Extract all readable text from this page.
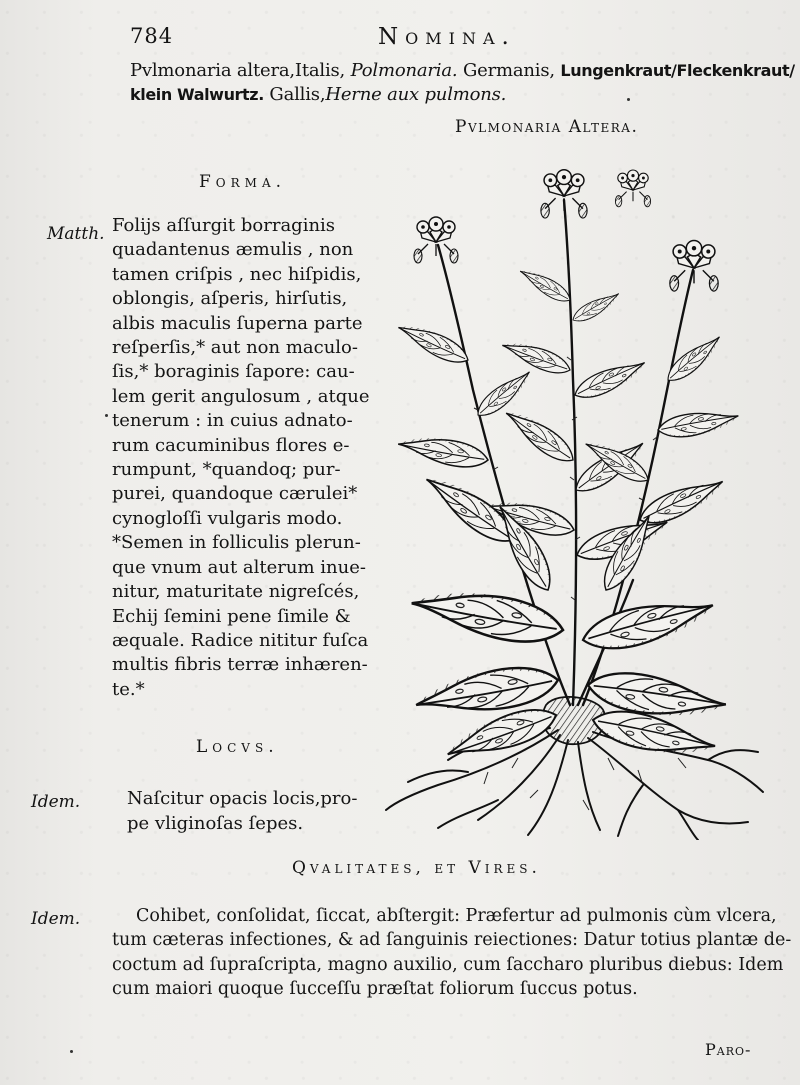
784	Nomina.
Pvlmonaria altera,Italis, Polmonaria. Germanis, Lungenkraut/Fleckenkraut/
klein Walwurtz. Gallis,Herne aux pulmons.
Pvlmonaria Altera.
Forma.
Matth. Folijs aſſurgit borraginis
quadantenus æmulis , non
tamen criſpis , nec hiſpidis,
oblongis, aſperis, hirſutis,
albis maculis ſuperna parte
reſperſis,* aut non maculo-
ſis,* boraginis ſapore: cau-
lem gerit angulosum , atque
tenerum : in cuius adnato-
rum cacuminibus flores e-
rumpunt, *quandoq; pur-
purei, quandoque cærulei*
cynogloſſi vulgaris modo.
*Semen in folliculis plerun-
que vnum aut alterum inue-
nitur, maturitate nigreſcés,
Echij ſemini pene ſimile &
æquale. Radice nititur fuſca
multis fibris terræ inhæren-
te.*
Locvs.
Idem.	Naſcitur opacis locis,pro-
pe vliginoſas ſepes.
Qvalitates, et Vires.
Idem.	Cohibet, conſolidat, ſiccat, abſtergit: Præfertur ad pulmonis cùm vlcera,
tum cæteras infectiones, & ad ſanguinis reiectiones: Datur totius plantæ de-
coctum ad ſupraſcripta, magno auxilio, cum ſaccharo pluribus diebus: Idem
cum maiori quoque ſucceſſu præſtat foliorum ſuccus potus.
Paro-
